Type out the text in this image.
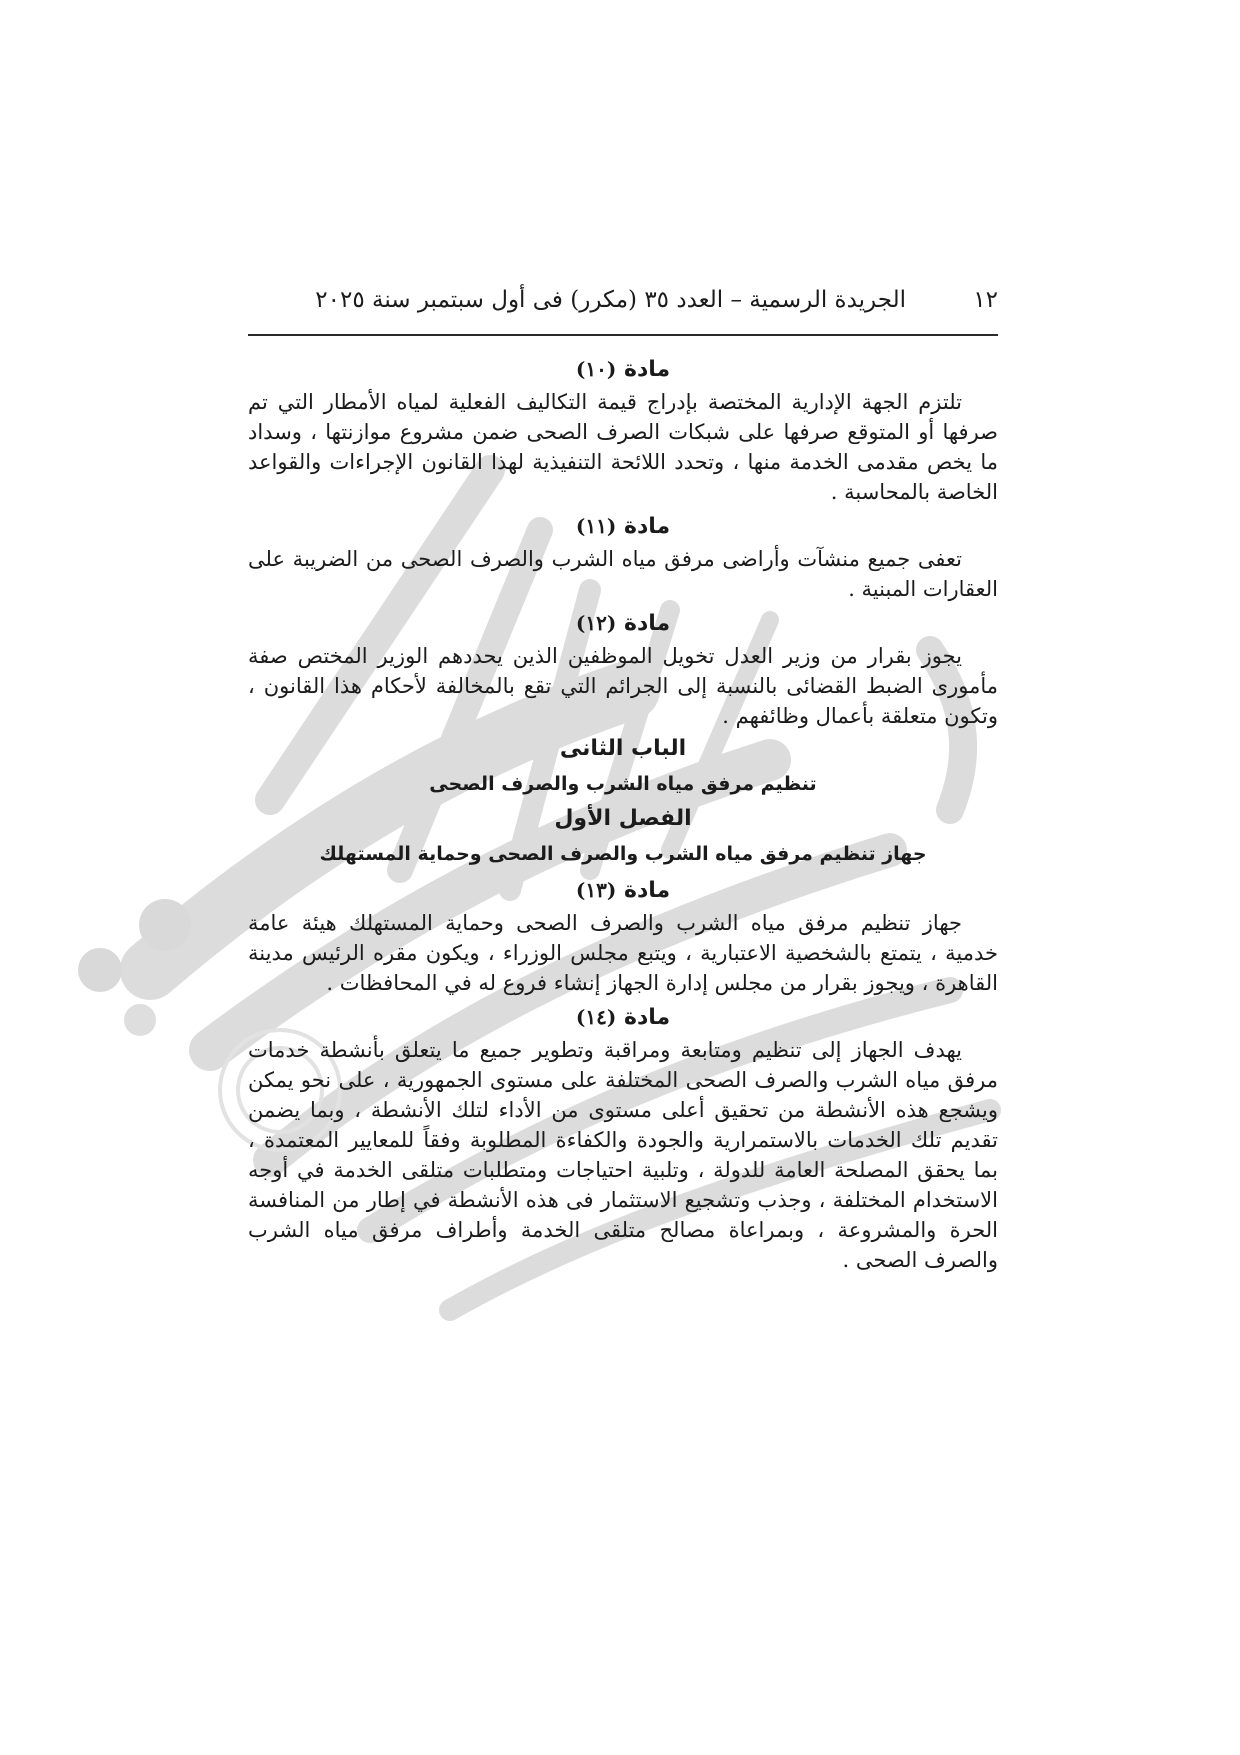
١٢
الجريدة الرسمية – العدد ٣٥ (مكرر) فى أول سبتمبر سنة ٢٠٢٥
مادة (١٠)

تلتزم الجهة الإدارية المختصة بإدراج قيمة التكاليف الفعلية لمياه الأمطار التي تم صرفها أو المتوقع صرفها على شبكات الصرف الصحى ضمن مشروع موازنتها ، وسداد ما يخص مقدمى الخدمة منها ، وتحدد اللائحة التنفيذية لهذا القانون الإجراءات والقواعد الخاصة بالمحاسبة .

مادة (١١)

تعفى جميع منشآت وأراضى مرفق مياه الشرب والصرف الصحى من الضريبة على العقارات المبنية .

مادة (١٢)

يجوز بقرار من وزير العدل تخويل الموظفين الذين يحددهم الوزير المختص صفة مأمورى الضبط القضائى بالنسبة إلى الجرائم التي تقع بالمخالفة لأحكام هذا القانون ، وتكون متعلقة بأعمال وظائفهم .

الباب الثانى
تنظيم مرفق مياه الشرب والصرف الصحى
الفصل الأول
جهاز تنظيم مرفق مياه الشرب والصرف الصحى وحماية المستهلك
مادة (١٣)

جهاز تنظيم مرفق مياه الشرب والصرف الصحى وحماية المستهلك هيئة عامة خدمية ، يتمتع بالشخصية الاعتبارية ، ويتبع مجلس الوزراء ، ويكون مقره الرئيس مدينة القاهرة ، ويجوز بقرار من مجلس إدارة الجهاز إنشاء فروع له في المحافظات .

مادة (١٤)

يهدف الجهاز إلى تنظيم ومتابعة ومراقبة وتطوير جميع ما يتعلق بأنشطة خدمات مرفق مياه الشرب والصرف الصحى المختلفة على مستوى الجمهورية ، على نحو يمكن ويشجع هذه الأنشطة من تحقيق أعلى مستوى من الأداء لتلك الأنشطة ، وبما يضمن تقديم تلك الخدمات بالاستمرارية والجودة والكفاءة المطلوبة وفقاً للمعايير المعتمدة ، بما يحقق المصلحة العامة للدولة ، وتلبية احتياجات ومتطلبات متلقى الخدمة في أوجه الاستخدام المختلفة ، وجذب وتشجيع الاستثمار فى هذه الأنشطة في إطار من المنافسة الحرة والمشروعة ، وبمراعاة مصالح متلقى الخدمة وأطراف مرفق مياه الشرب والصرف الصحى .
